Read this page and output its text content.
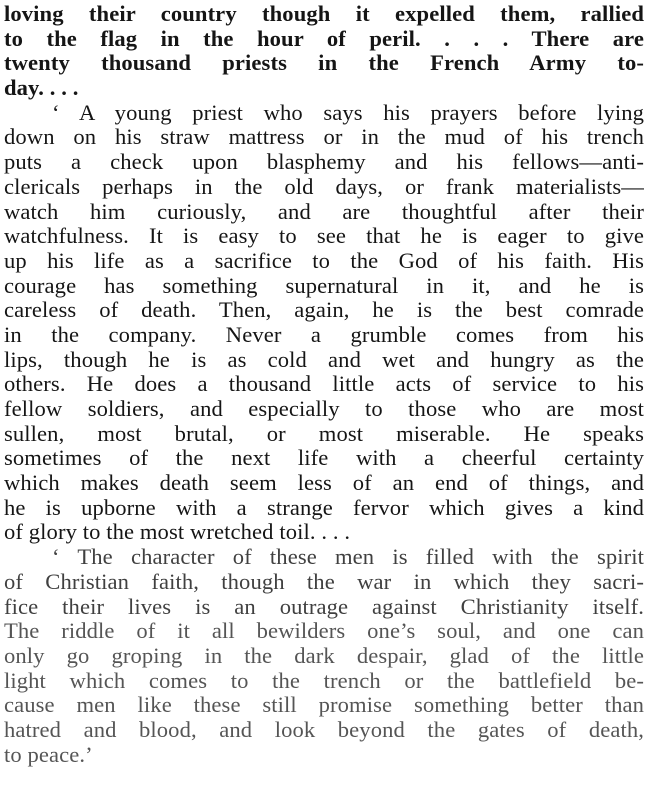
loving their country though it expelled them, rallied
to the flag in the hour of peril. . . . There are
twenty thousand priests in the French Army to-
day. . . .
‘ A young priest who says his prayers before lying
down on his straw mattress or in the mud of his trench
puts a check upon blasphemy and his fellows—anti-
clericals perhaps in the old days, or frank materialists—
watch him curiously, and are thoughtful after their
watchfulness. It is easy to see that he is eager to give
up his life as a sacrifice to the God of his faith. His
courage has something supernatural in it, and he is
careless of death. Then, again, he is the best comrade
in the company. Never a grumble comes from his
lips, though he is as cold and wet and hungry as the
others. He does a thousand little acts of service to his
fellow soldiers, and especially to those who are most
sullen, most brutal, or most miserable. He speaks
sometimes of the next life with a cheerful certainty
which makes death seem less of an end of things, and
he is upborne with a strange fervor which gives a kind
of glory to the most wretched toil. . . .
‘ The character of these men is filled with the spirit
of Christian faith, though the war in which they sacri-
fice their lives is an outrage against Christianity itself.
The riddle of it all bewilders one’s soul, and one can
only go groping in the dark despair, glad of the little
light which comes to the trench or the battlefield be-
cause men like these still promise something better than
hatred and blood, and look beyond the gates of death,
to peace.’
